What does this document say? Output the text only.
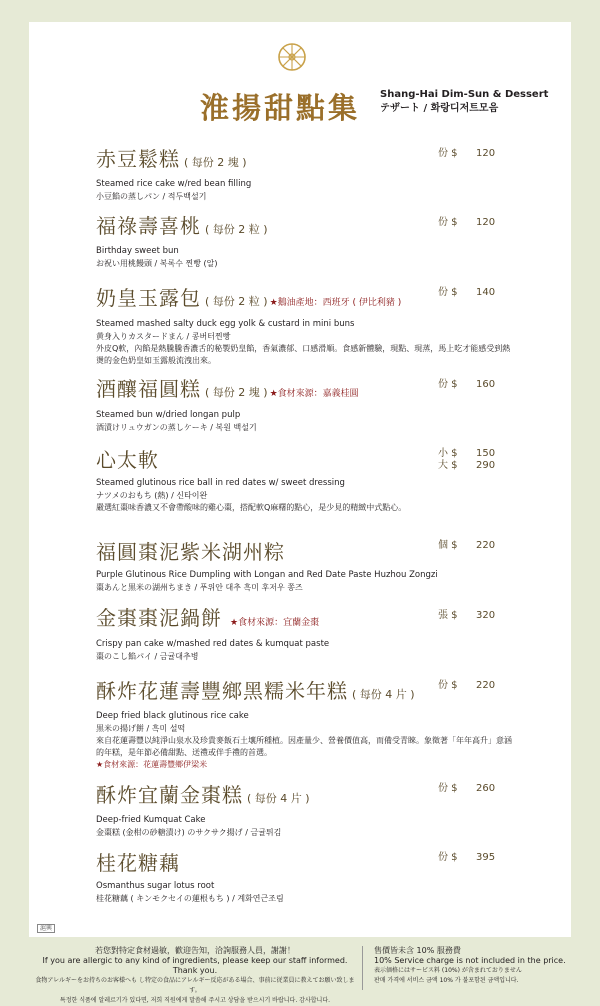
淮揚甜點集 Shang-Hai Dim-Sun & Dessert
テザート / 화랑디저트모음
赤豆鬆糕 ( 每份 2 塊 )
Steamed rice cake w/red bean filling
小豆餡の蒸しパン / 적두백설기
份 $ 120
福祿壽喜桃 ( 每份 2 粒 )
Birthday sweet bun
お祝い用桃饅頭 / 복록수 찐빵 (알)
份 $ 120
奶皇玉露包 ( 每份 2 粒 ) ★鵝油產地：西班牙 ( 伊比利豬 )
Steamed mashed salty duck egg yolk & custard in mini buns
黄身入りカスタードまん / 콩버터찐빵
外皮Q軟，內餡是熱騰騰香濃舌的秘製奶皇餡，香氣濃郁、口感滑順。食感新體驗，現點、現蒸，馬上吃才能感受到熱燙的金色奶皇如玉露般流洩出來。
份 $ 140
酒釀福圓糕 ( 每份 2 塊 ) ★食材來源：嘉義桂圓
Steamed bun w/dried longan pulp
酒漬けリュウガンの蒸しケーキ / 복원 백설기
份 $ 160
心太軟
Steamed glutinous rice ball in red dates w/ sweet dressing
ナツメのおもち (熱) / 신타이완
嚴選紅棗味香濃又不會帶酸味的雞心棗，搭配軟Q麻糬的點心，是少見的精緻中式點心。
小 $ 150
大 $ 290
福圓棗泥紫米湖州粽
Purple Glutinous Rice Dumpling with Longan and Red Date Paste Huzhou Zongzi
棗あんと黒米の湖州ちまき / 푸위안 대추 흑미 후저우 쫑즈
個 $ 220
金棗棗泥鍋餅 ★食材來源：宜蘭金棗
Crispy pan cake w/mashed red dates & kumquat paste
棗のこし餡パイ / 금귤대추병
張 $ 320
酥炸花蓮壽豐鄉黑糯米年糕 ( 每份 4 片 )
Deep fried black glutinous rice cake
黒米の揚げ餅 / 흑미 설떡
來自花蓮壽豐以純淨山泉水及珍貴麥飯石土壤所種植。因產量少、營養價值高，而備受青睞。象徵著「年年高升」意涵的年糕，是年節必備甜點、送禮或伴手禮的首選。
★食材來源：花蓮壽豐鄉伊梁米
份 $ 220
酥炸宜蘭金棗糕 ( 每份 4 片 )
Deep-fried Kumquat Cake
金棗糕 (金柑の砂糖漬け) のサクサク揚げ / 금귤튀김
份 $ 260
桂花糖藕
Osmanthus sugar lotus root
桂花糖藕 ( キンモクセイの蓮根もち ) / 계화연근조림
份 $ 395
滬興
若您對特定食材過敏，歡迎告知，洽詢服務人員，謝謝！
If you are allergic to any kind of ingredients, please keep our staff informed. Thank you.
食物アレルギーをお持ちのお客様へも し特定の食品にアレルギー反応がある場合、事前に従業員に教えてお願い致します。
특정한 식품에 알레르기가 있다면, 저희 직원에게 말씀해 주시고 상담을 받으시기 바랍니다. 감사합니다.
售價皆未含 10% 服務費
10% Service charge is not included in the price.
表示価格にはサービス料 (10%) が含まれておりません
판매 가격에 서비스 금액 10% 가 불포함된 금액입니다.
